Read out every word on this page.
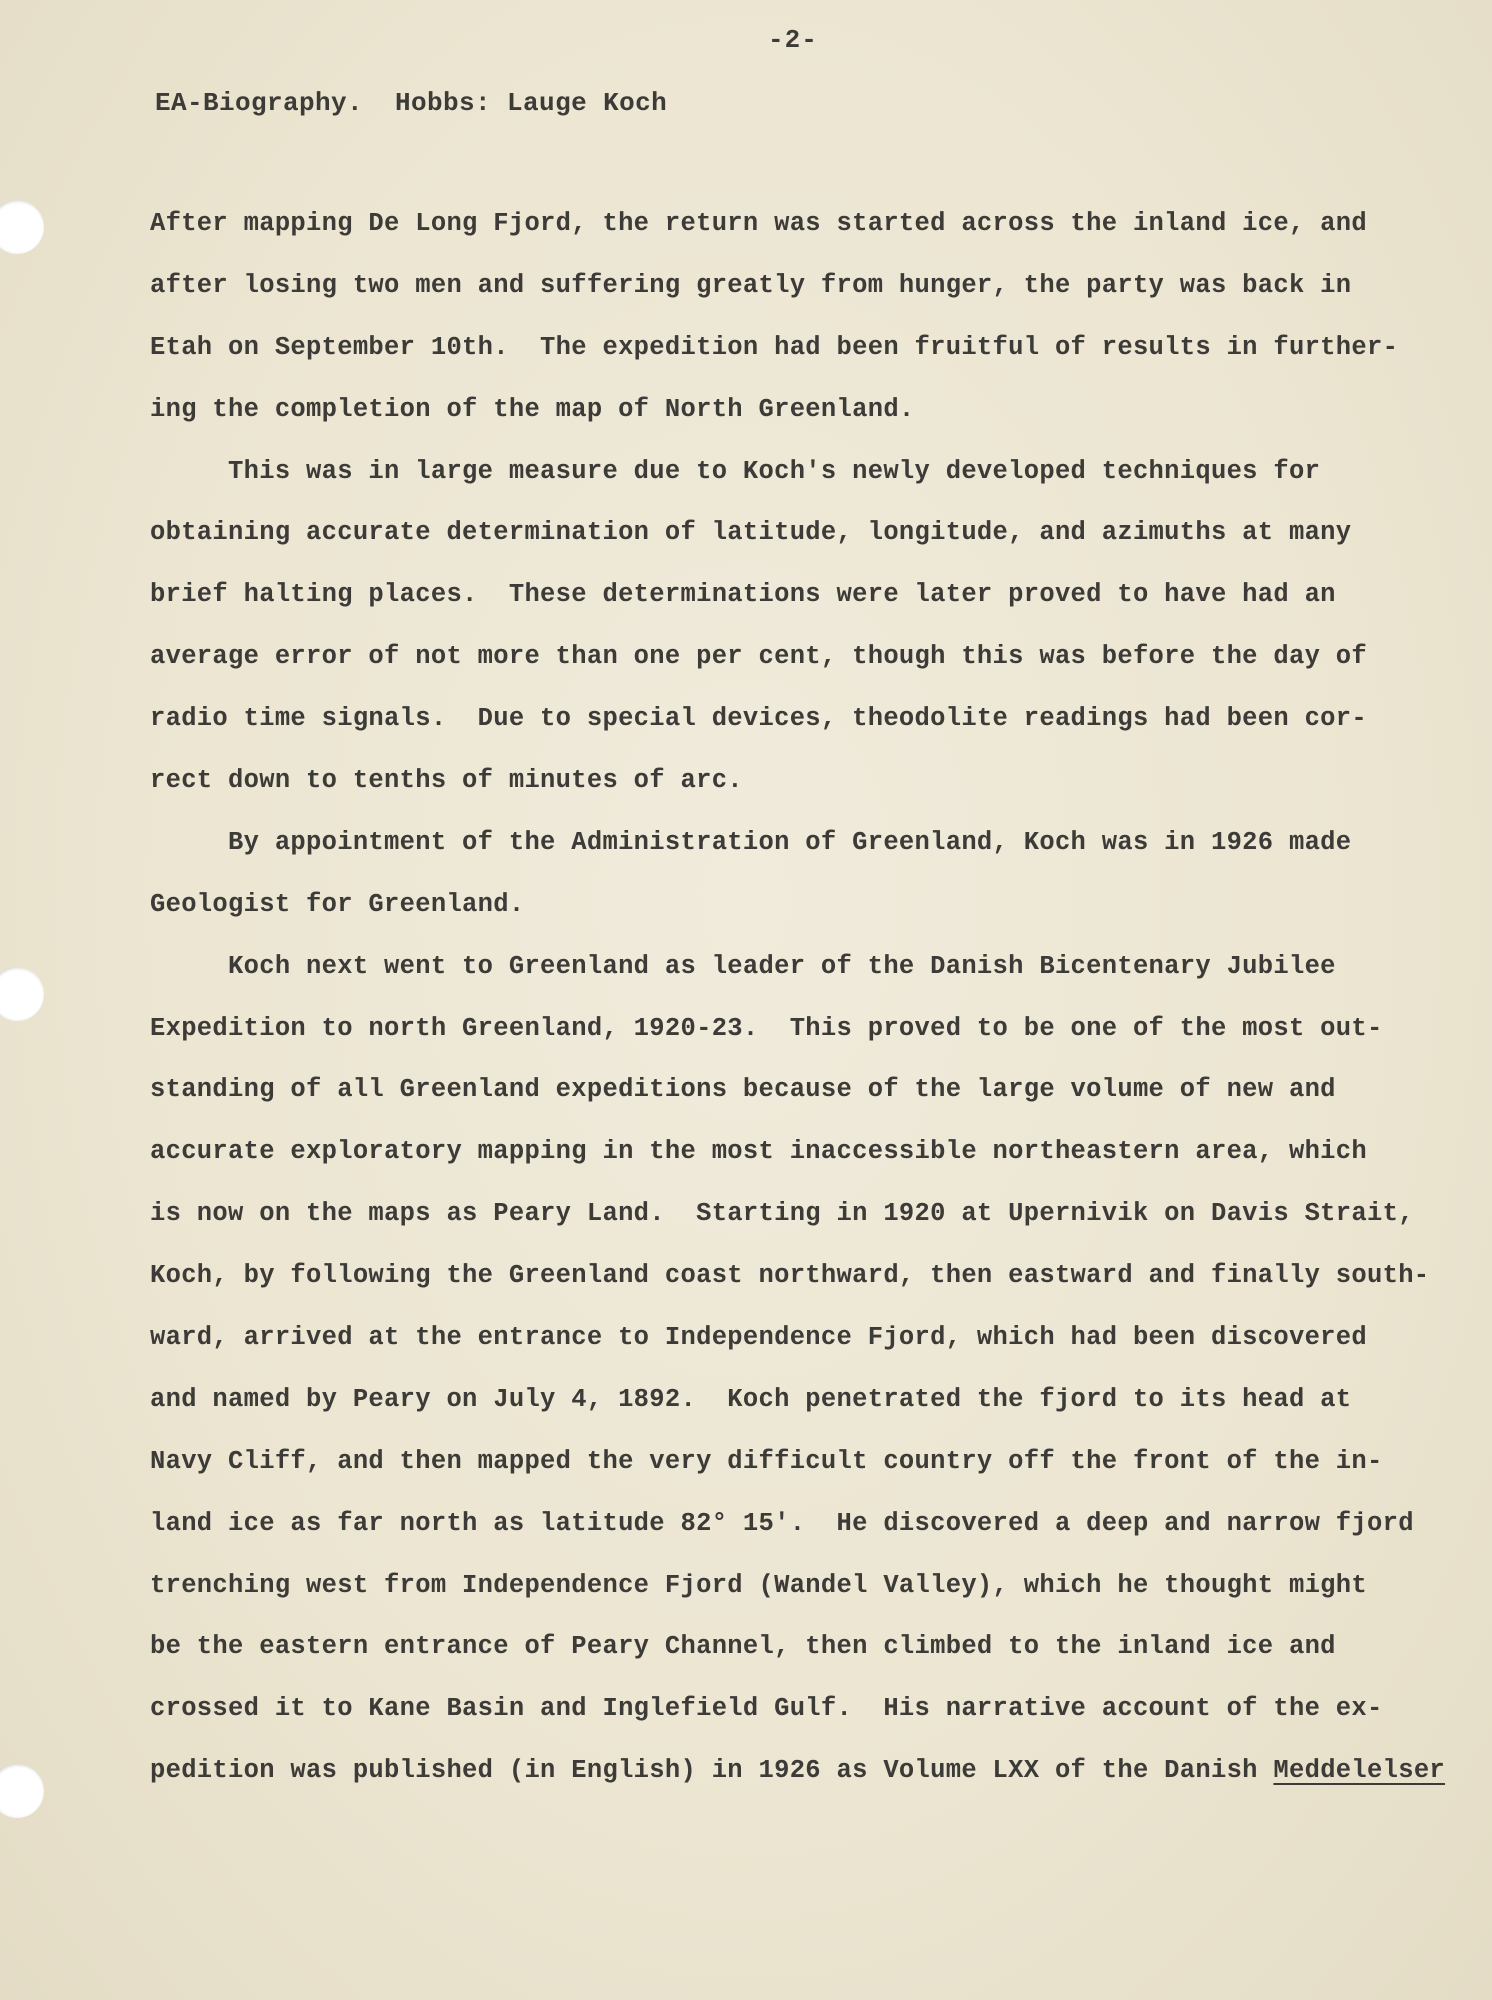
-2-
EA-Biography.  Hobbs: Lauge Koch
After mapping De Long Fjord, the return was started across the inland ice, and
after losing two men and suffering greatly from hunger, the party was back in
Etah on September 10th.  The expedition had been fruitful of results in further-
ing the completion of the map of North Greenland.
This was in large measure due to Koch's newly developed techniques for
obtaining accurate determination of latitude, longitude, and azimuths at many
brief halting places.  These determinations were later proved to have had an
average error of not more than one per cent, though this was before the day of
radio time signals.  Due to special devices, theodolite readings had been cor-
rect down to tenths of minutes of arc.
By appointment of the Administration of Greenland, Koch was in 1926 made
Geologist for Greenland.
Koch next went to Greenland as leader of the Danish Bicentenary Jubilee
Expedition to north Greenland, 1920-23.  This proved to be one of the most out-
standing of all Greenland expeditions because of the large volume of new and
accurate exploratory mapping in the most inaccessible northeastern area, which
is now on the maps as Peary Land.  Starting in 1920 at Upernivik on Davis Strait,
Koch, by following the Greenland coast northward, then eastward and finally south-
ward, arrived at the entrance to Independence Fjord, which had been discovered
and named by Peary on July 4, 1892.  Koch penetrated the fjord to its head at
Navy Cliff, and then mapped the very difficult country off the front of the in-
land ice as far north as latitude 82° 15'.  He discovered a deep and narrow fjord
trenching west from Independence Fjord (Wandel Valley), which he thought might
be the eastern entrance of Peary Channel, then climbed to the inland ice and
crossed it to Kane Basin and Inglefield Gulf.  His narrative account of the ex-
pedition was published (in English) in 1926 as Volume LXX of the Danish Meddelelser
